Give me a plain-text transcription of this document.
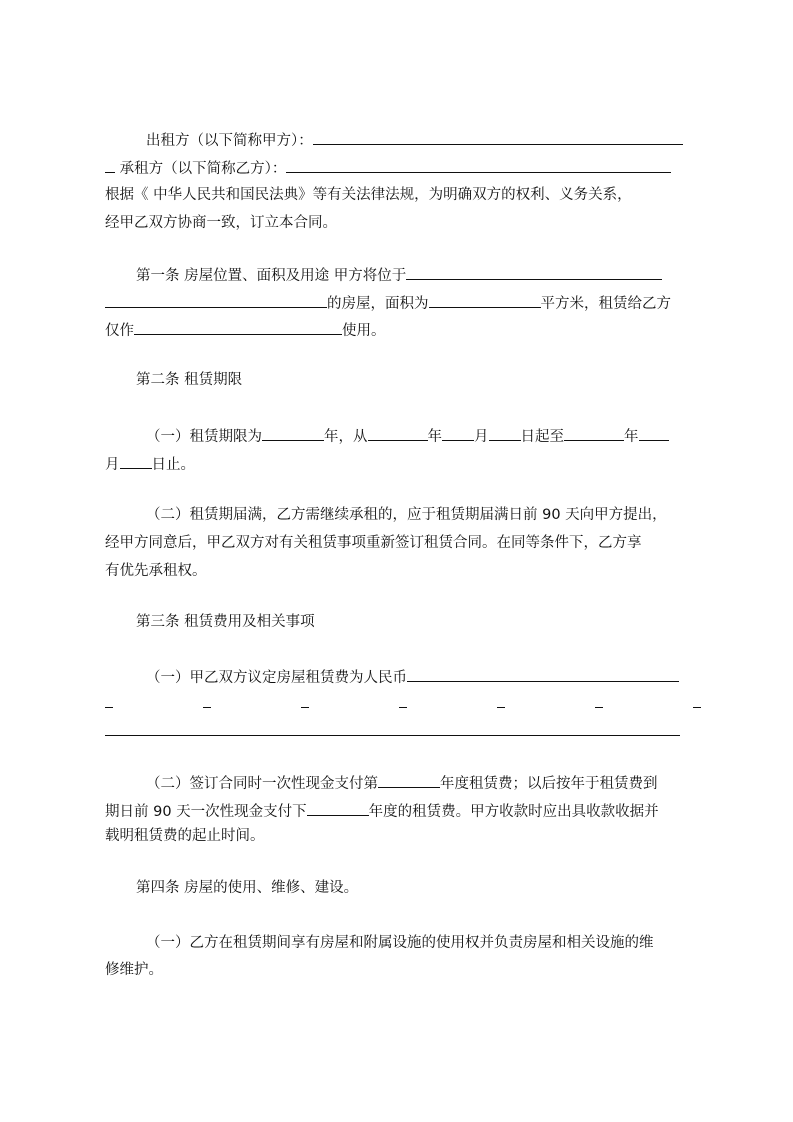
出租方（以下简称甲方）：
承租方（以下简称乙方）：
根据《 中华人民共和国民法典》等有关法律法规，为明确双方的权利、义务关系，
经甲乙双方协商一致，订立本合同。
第一条 房屋位置、面积及用途 甲方将位于
的房屋，面积为	平方米，租赁给乙方
仅作	使用。
第二条 租赁期限
（一）租赁期限为	年，从	年 月 日起至	年
月 日止。
（二）租赁期届满，乙方需继续承租的，应于租赁期届满日前 90 天向甲方提出，
经甲方同意后，甲乙双方对有关租赁事项重新签订租赁合同。在同等条件下，乙方享
有优先承租权。
第三条 租赁费用及相关事项
（一）甲乙双方议定房屋租赁费为人民币
（二）签订合同时一次性现金支付第	年度租赁费；以后按年于租赁费到
期日前 90 天一次性现金支付下	年度的租赁费。甲方收款时应出具收款收据并
载明租赁费的起止时间。
第四条 房屋的使用、维修、建设。
（一）乙方在租赁期间享有房屋和附属设施的使用权并负责房屋和相关设施的维
修维护。
